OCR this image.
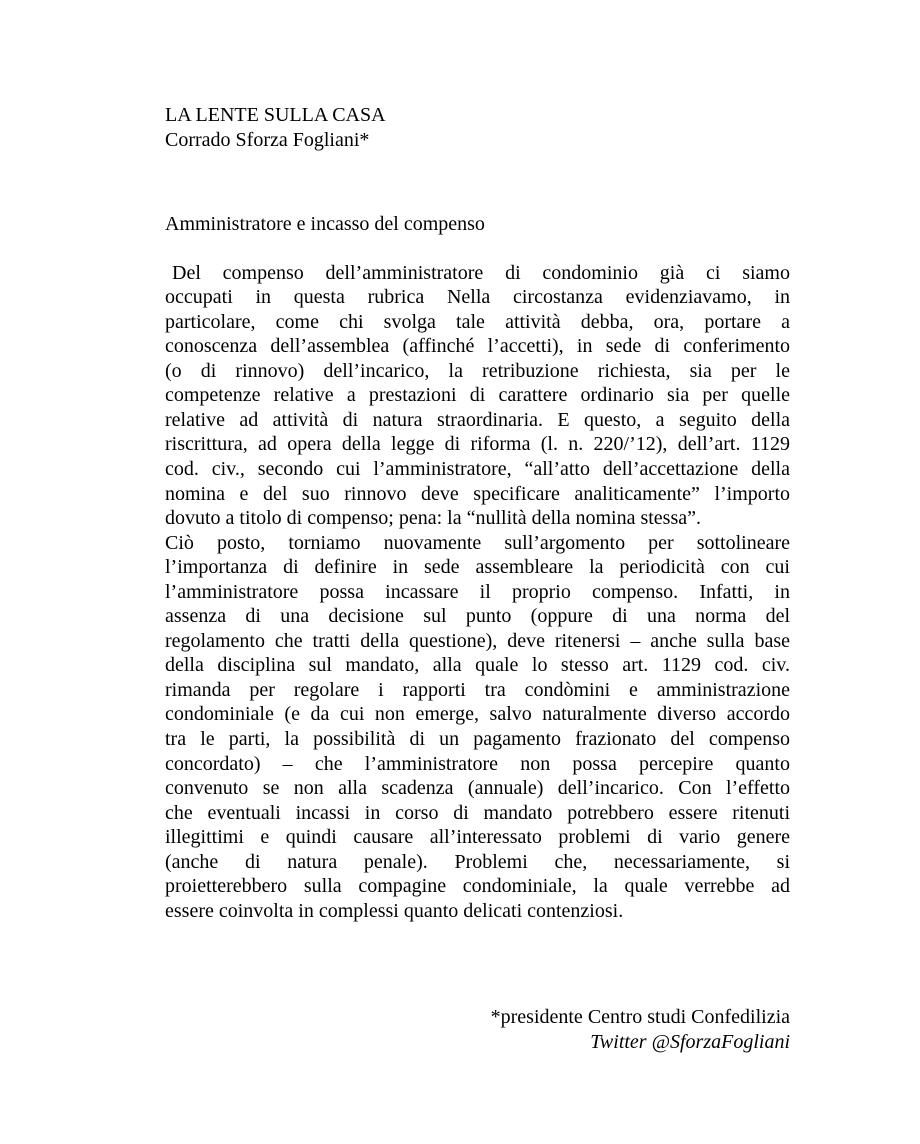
LA LENTE SULLA CASA
Corrado Sforza Fogliani*
Amministratore e incasso del compenso
Del compenso dell’amministratore di condominio già ci siamo
occupati in questa rubrica Nella circostanza evidenziavamo, in
particolare, come chi svolga tale attività debba, ora, portare a
conoscenza dell’assemblea (affinché l’accetti), in sede di conferimento
(o di rinnovo) dell’incarico, la retribuzione richiesta, sia per le
competenze relative a prestazioni di carattere ordinario sia per quelle
relative ad attività di natura straordinaria. E questo, a seguito della
riscrittura, ad opera della legge di riforma (l. n. 220/’12), dell’art. 1129
cod. civ., secondo cui l’amministratore, “all’atto dell’accettazione della
nomina e del suo rinnovo deve specificare analiticamente” l’importo
dovuto a titolo di compenso; pena: la “nullità della nomina stessa”.
Ciò posto, torniamo nuovamente sull’argomento per sottolineare
l’importanza di definire in sede assembleare la periodicità con cui
l’amministratore possa incassare il proprio compenso. Infatti, in
assenza di una decisione sul punto (oppure di una norma del
regolamento che tratti della questione), deve ritenersi – anche sulla base
della disciplina sul mandato, alla quale lo stesso art. 1129 cod. civ.
rimanda per regolare i rapporti tra condòmini e amministrazione
condominiale (e da cui non emerge, salvo naturalmente diverso accordo
tra le parti, la possibilità di un pagamento frazionato del compenso
concordato) – che l’amministratore non possa percepire quanto
convenuto se non alla scadenza (annuale) dell’incarico. Con l’effetto
che eventuali incassi in corso di mandato potrebbero essere ritenuti
illegittimi e quindi causare all’interessato problemi di vario genere
(anche di natura penale). Problemi che, necessariamente, si
proietterebbero sulla compagine condominiale, la quale verrebbe ad
essere coinvolta in complessi quanto delicati contenziosi.
*presidente Centro studi Confedilizia
Twitter @SforzaFogliani
